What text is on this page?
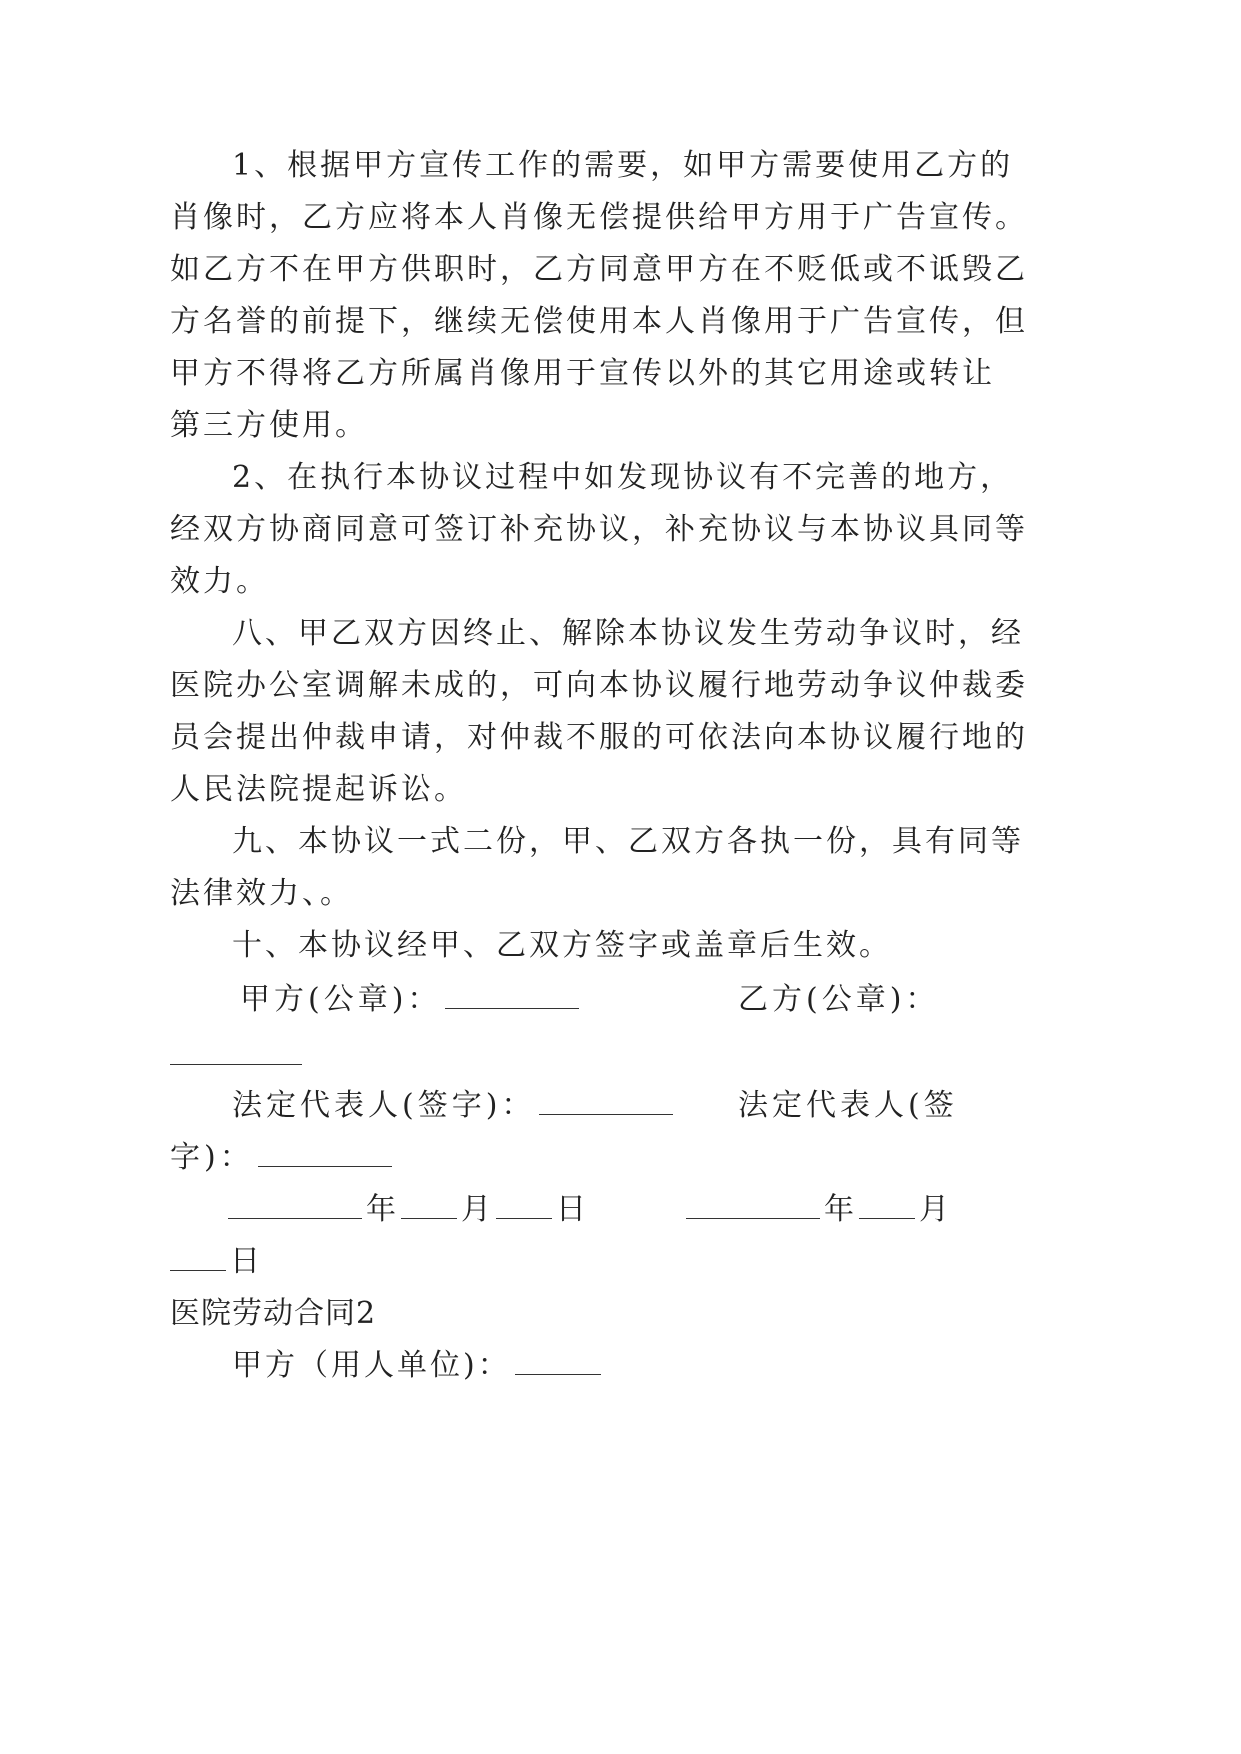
1、根据甲方宣传工作的需要，如甲方需要使用乙方的
肖像时，乙方应将本人肖像无偿提供给甲方用于广告宣传。
如乙方不在甲方供职时，乙方同意甲方在不贬低或不诋毁乙
方名誉的前提下，继续无偿使用本人肖像用于广告宣传，但
甲方不得将乙方所属肖像用于宣传以外的其它用途或转让
第三方使用。
2、在执行本协议过程中如发现协议有不完善的地方，
经双方协商同意可签订补充协议，补充协议与本协议具同等
效力。
八、甲乙双方因终止、解除本协议发生劳动争议时，经
医院办公室调解未成的，可向本协议履行地劳动争议仲裁委
员会提出仲裁申请，对仲裁不服的可依法向本协议履行地的
人民法院提起诉讼。
九、本协议一式二份，甲、乙双方各执一份，具有同等
法律效力、。
十、本协议经甲、乙双方签字或盖章后生效。
甲方(公章)：	乙方(公章)：
法定代表人(签字)：	法定代表人(签
字)：
年 月 日	年 月
日
医院劳动合同2
甲方（用人单位)：
